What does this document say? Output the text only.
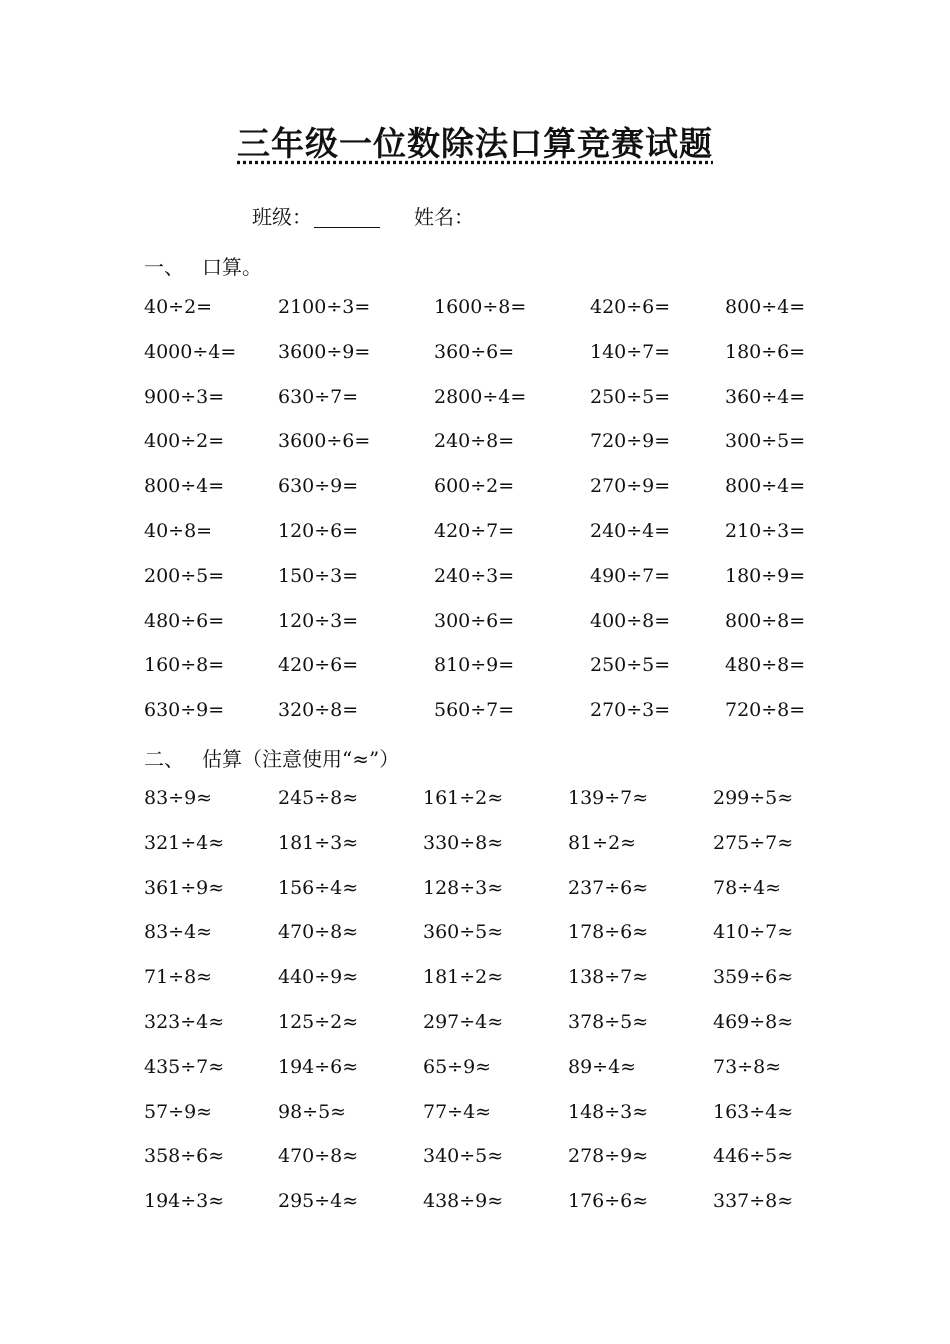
三年级一位数除法口算竞赛试题
班级：	姓名：
一、 口算。
40÷2=	2100÷3=	1600÷8=	420÷6=	800÷4=
4000÷4= 3600÷9=	360÷6=	140÷7=	180÷6=
900÷3=	630÷7=	2800÷4=	250÷5=	360÷4=
400÷2=	3600÷6=	240÷8=	720÷9=	300÷5=
800÷4=	630÷9=	600÷2=	270÷9=	800÷4=
40÷8=	120÷6=	420÷7=	240÷4=	210÷3=
200÷5=	150÷3=	240÷3=	490÷7=	180÷9=
480÷6=	120÷3=	300÷6=	400÷8=	800÷8=
160÷8=	420÷6=	810÷9=	250÷5=	480÷8=
630÷9=	320÷8=	560÷7=	270÷3=	720÷8=
二、 估算（注意使用“≈”）
83÷9≈	245÷8≈	161÷2≈	139÷7≈	299÷5≈
321÷4≈	181÷3≈	330÷8≈	81÷2≈	275÷7≈
361÷9≈	156÷4≈	128÷3≈	237÷6≈	78÷4≈
83÷4≈	470÷8≈	360÷5≈	178÷6≈	410÷7≈
71÷8≈	440÷9≈	181÷2≈	138÷7≈	359÷6≈
323÷4≈	125÷2≈	297÷4≈	378÷5≈	469÷8≈
435÷7≈	194÷6≈	65÷9≈	89÷4≈	73÷8≈
57÷9≈	98÷5≈	77÷4≈	148÷3≈	163÷4≈
358÷6≈	470÷8≈	340÷5≈	278÷9≈	446÷5≈
194÷3≈	295÷4≈	438÷9≈	176÷6≈	337÷8≈
